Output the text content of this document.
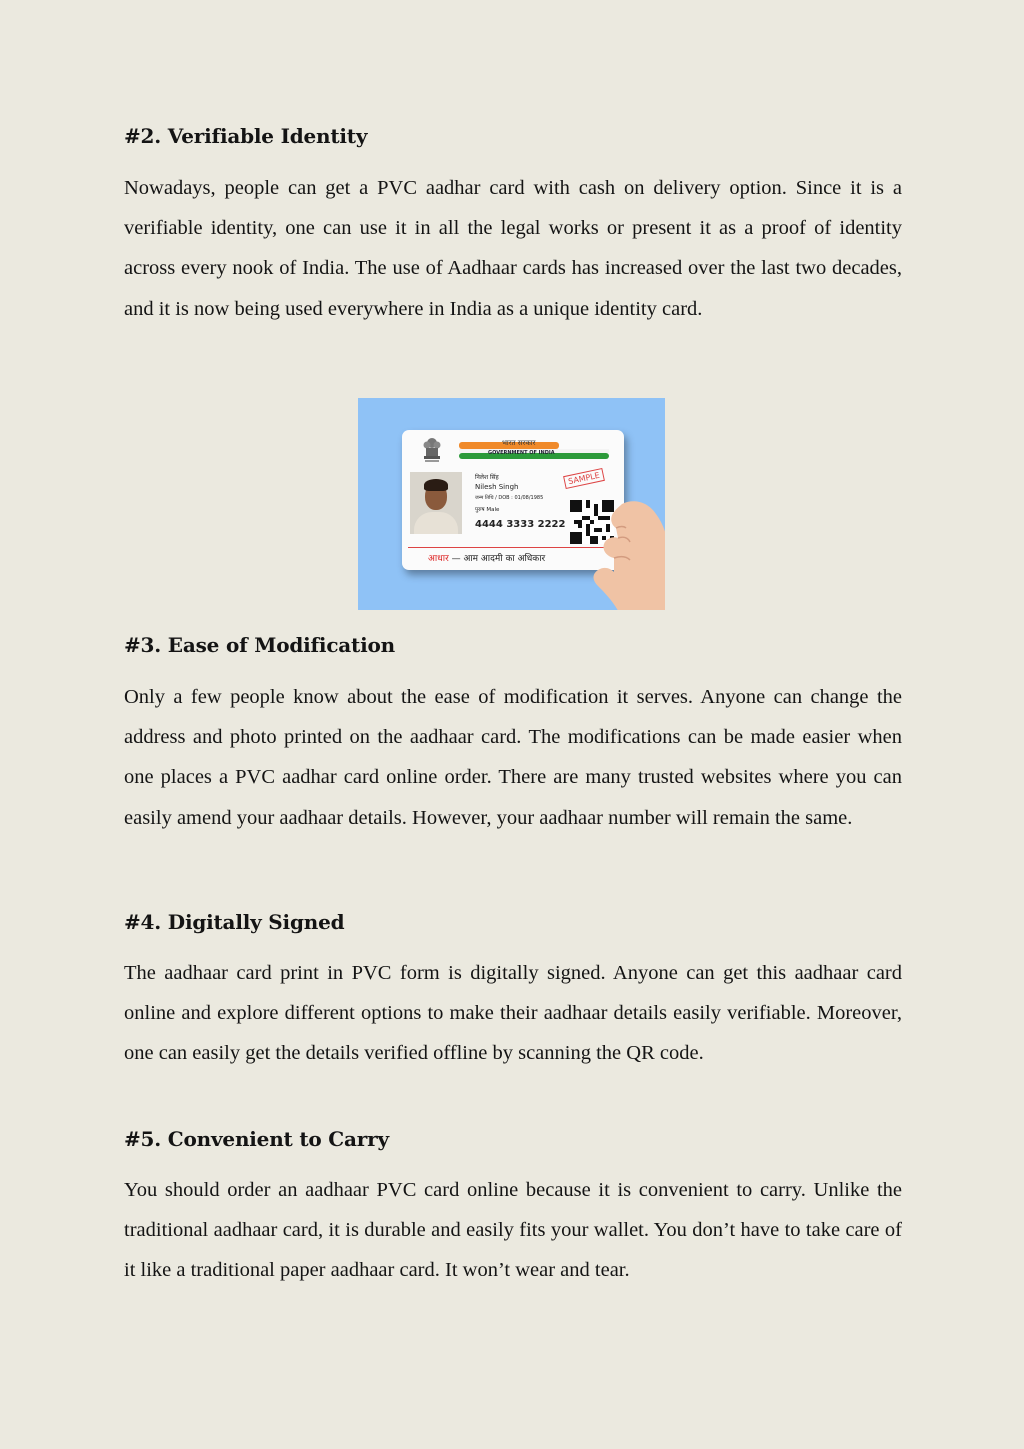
#2. Verifiable Identity

Nowadays, people can get a PVC aadhar card with cash on delivery option. Since it is a verifiable identity, one can use it in all the legal works or present it as a proof of identity across every nook of India. The use of Aadhaar cards has increased over the last two decades, and it is now being used everywhere in India as a unique identity card.

भारत सरकार
GOVERNMENT OF INDIA
निलेश सिंह
Nilesh Singh
जन्म तिथि / DOB : 01/08/1985
पुरुष Male
4444 3333 2222
SAMPLE
आधार — आम आदमी का अधिकार
#3. Ease of Modification

Only a few people know about the ease of modification it serves. Anyone can change the address and photo printed on the aadhaar card. The modifications can be made easier when one places a PVC aadhar card online order. There are many trusted websites where you can easily amend your aadhaar details. However, your aadhaar number will remain the same.

#4. Digitally Signed

The aadhaar card print in PVC form is digitally signed. Anyone can get this aadhaar card online and explore different options to make their aadhaar details easily verifiable. Moreover, one can easily get the details verified offline by scanning the QR code.

#5. Convenient to Carry

You should order an aadhaar PVC card online because it is convenient to carry. Unlike the traditional aadhaar card, it is durable and easily fits your wallet. You don’t have to take care of it like a traditional paper aadhaar card. It won’t wear and tear.
